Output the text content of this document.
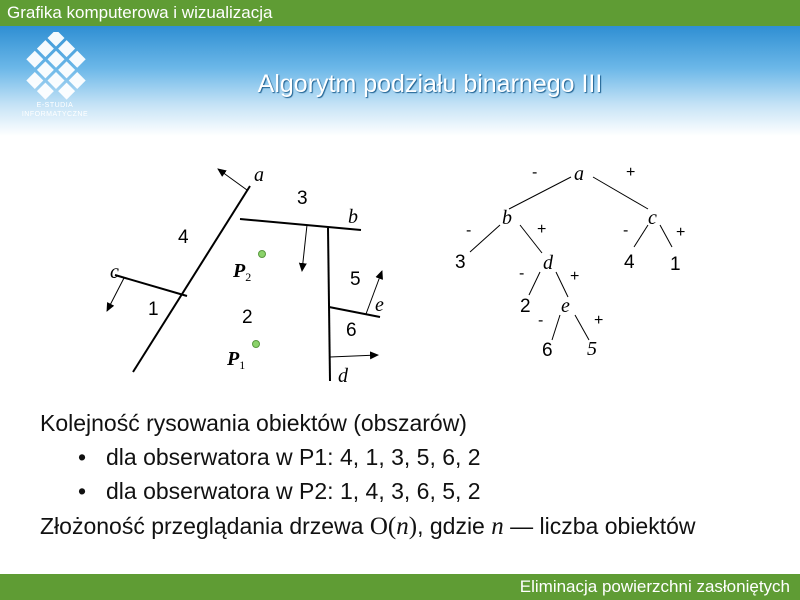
Grafika komputerowa i wizualizacja
E-STUDIA
INFORMATYCZNE
Algorytm podziału binarnego III
a
b
c
d
e
1	2
3
4
5
6
$P_2$
$P_1$
a
b	c
d
e
5
3	4 1
2
6
-	+
-	+	-	+
-	+
-	+
Kolejność rysowania obiektów (obszarów)
• dla obserwatora w P1: 4, 1, 3, 5, 6, 2
• dla obserwatora w P2: 1, 4, 3, 6, 5, 2
Złożoność przeglądania drzewa O(n), gdzie n — liczba obiektów
Eliminacja powierzchni zasłoniętych
